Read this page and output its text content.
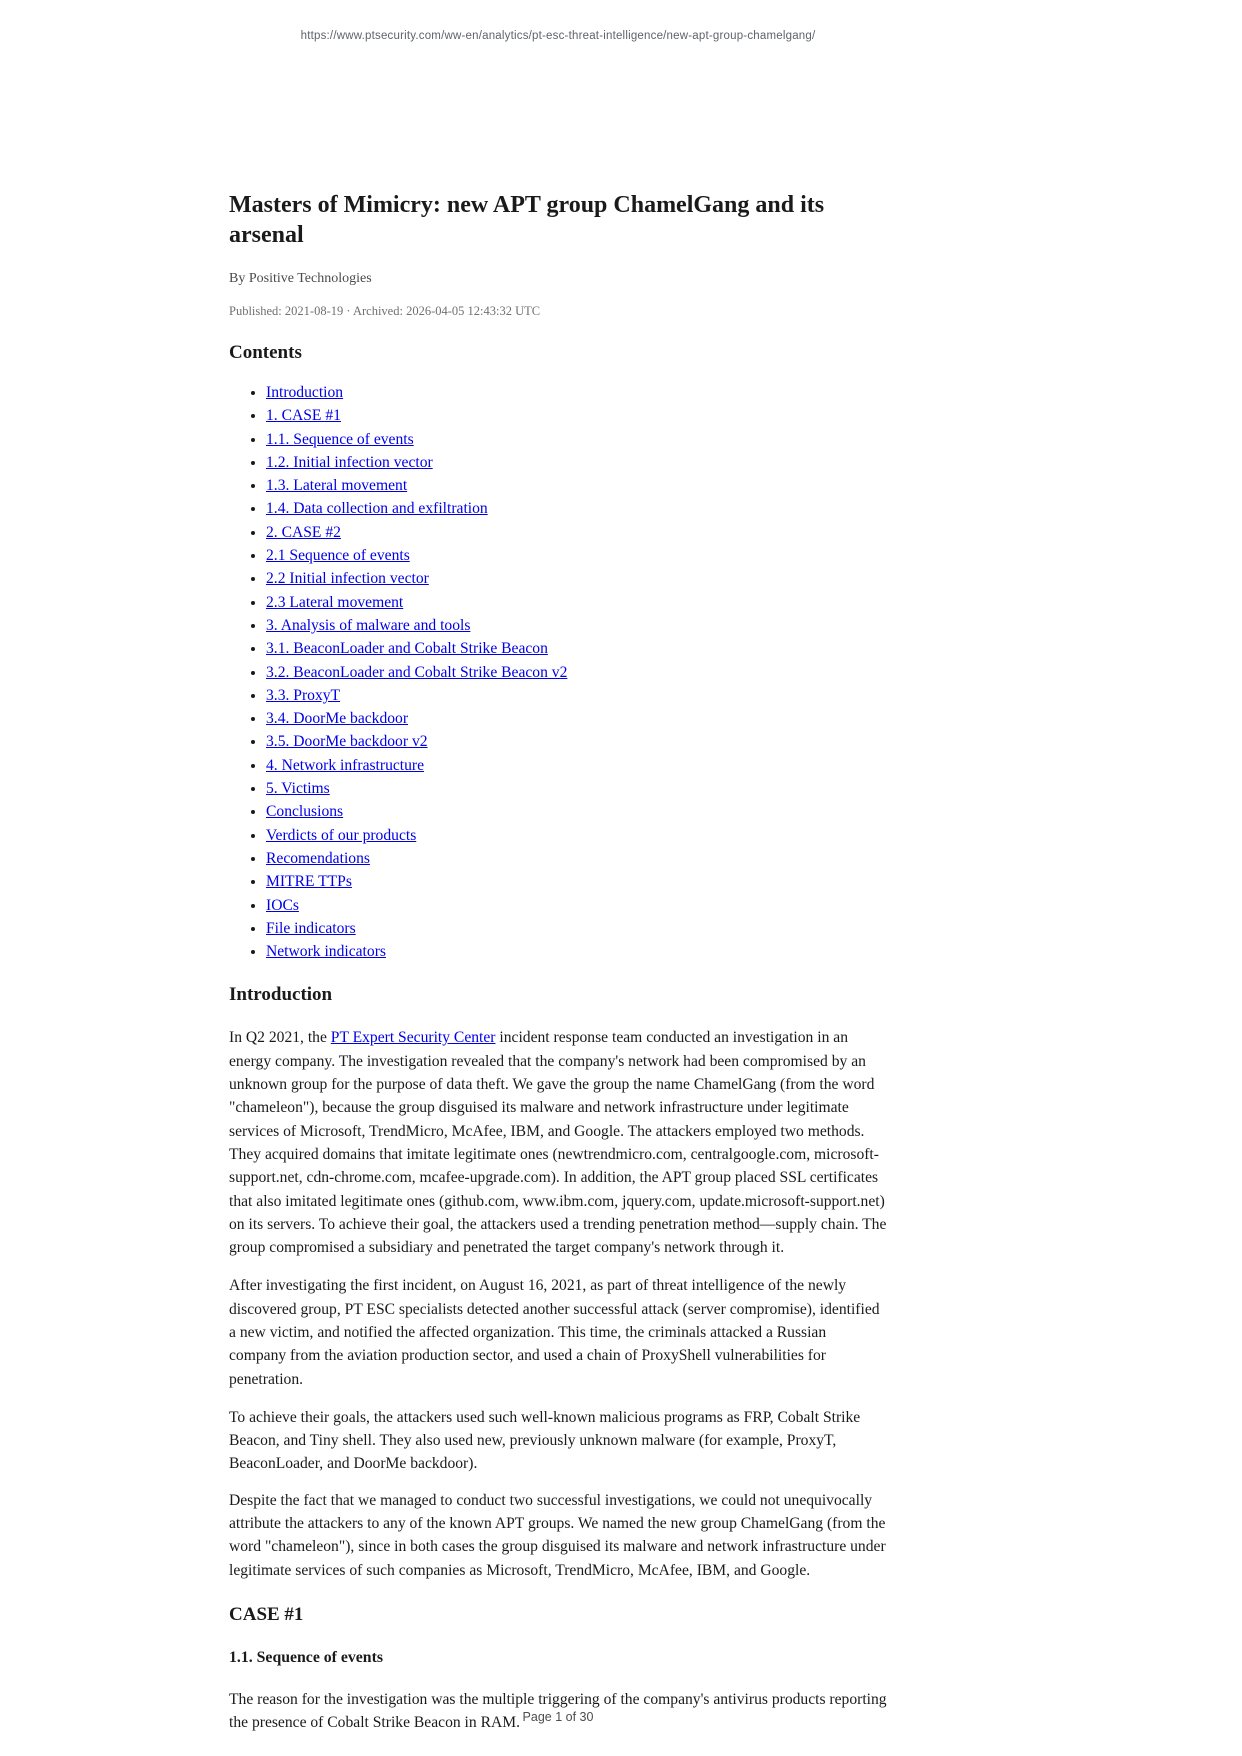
https://www.ptsecurity.com/ww-en/analytics/pt-esc-threat-intelligence/new-apt-group-chamelgang/
Masters of Mimicry: new APT group ChamelGang and its arsenal
By Positive Technologies
Published: 2021-08-19 · Archived: 2026-04-05 12:43:32 UTC
Contents
• Introduction
• 1. CASE #1
• 1.1. Sequence of events
• 1.2. Initial infection vector
• 1.3. Lateral movement
• 1.4. Data collection and exfiltration
• 2. CASE #2
• 2.1 Sequence of events
• 2.2 Initial infection vector
• 2.3 Lateral movement
• 3. Analysis of malware and tools
• 3.1. BeaconLoader and Cobalt Strike Beacon
• 3.2. BeaconLoader and Cobalt Strike Beacon v2
• 3.3. ProxyT
• 3.4. DoorMe backdoor
• 3.5. DoorMe backdoor v2
• 4. Network infrastructure
• 5. Victims
• Conclusions
• Verdicts of our products
• Recomendations
• MITRE TTPs
• IOCs
• File indicators
• Network indicators
Introduction

In Q2 2021, the PT Expert Security Center incident response team conducted an investigation in an energy company. The investigation revealed that the company's network had been compromised by an unknown group for the purpose of data theft. We gave the group the name ChamelGang (from the word "chameleon"), because the group disguised its malware and network infrastructure under legitimate services of Microsoft, TrendMicro, McAfee, IBM, and Google. The attackers employed two methods. They acquired domains that imitate legitimate ones (newtrendmicro.com, centralgoogle.com, microsoft-support.net, cdn-chrome.com, mcafee-upgrade.com). In addition, the APT group placed SSL certificates that also imitated legitimate ones (github.com, www.ibm.com, jquery.com, update.microsoft-support.net) on its servers. To achieve their goal, the attackers used a trending penetration method—supply chain. The group compromised a subsidiary and penetrated the target company's network through it.

After investigating the first incident, on August 16, 2021, as part of threat intelligence of the newly discovered group, PT ESC specialists detected another successful attack (server compromise), identified a new victim, and notified the affected organization. This time, the criminals attacked a Russian company from the aviation production sector, and used a chain of ProxyShell vulnerabilities for penetration.

To achieve their goals, the attackers used such well-known malicious programs as FRP, Cobalt Strike Beacon, and Tiny shell. They also used new, previously unknown malware (for example, ProxyT, BeaconLoader, and DoorMe backdoor).

Despite the fact that we managed to conduct two successful investigations, we could not unequivocally attribute the attackers to any of the known APT groups. We named the new group ChamelGang (from the word "chameleon"), since in both cases the group disguised its malware and network infrastructure under legitimate services of such companies as Microsoft, TrendMicro, McAfee, IBM, and Google.

CASE #1
1.1. Sequence of events

The reason for the investigation was the multiple triggering of the company's antivirus products reporting the presence of Cobalt Strike Beacon in RAM. Page 1 of 30
